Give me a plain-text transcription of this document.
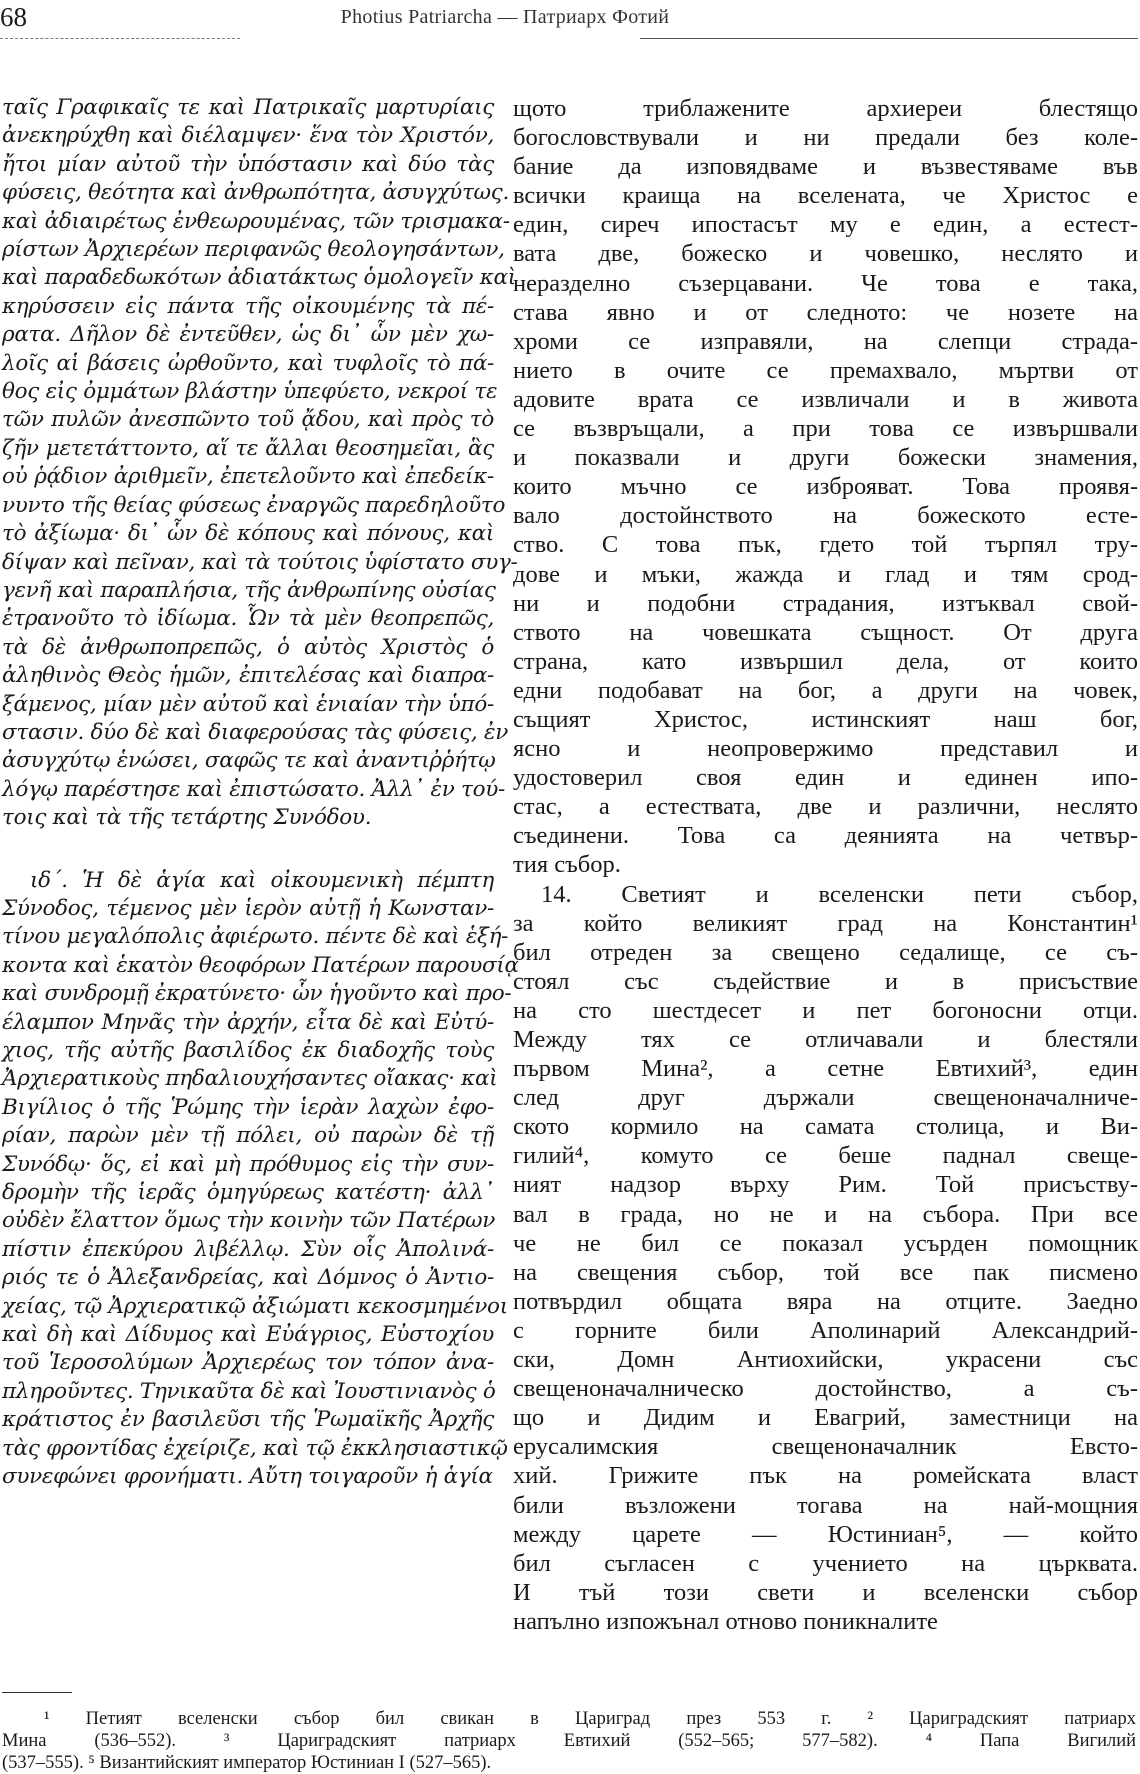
68	Photius Patriarcha — Патриарх Фотий
ταῖς Γραφικαῖς τε καὶ Πατρικαῖς μαρτυρίαις
ἀνεκηρύχθη καὶ διέλαμψεν· ἕνα τὸν Χριστόν,
ἤτοι μίαν αὐτοῦ τὴν ὑπόστασιν καὶ δύο τὰς
φύσεις, θεότητα καὶ ἀνθρωπότητα, ἀσυγχύτως.
καὶ ἀδιαιρέτως ἐνθεωρουμένας, τῶν τρισμακα-
ρίστων Ἀρχιερέων περιφανῶς θεολογησάντων,
καὶ παραδεδωκότων ἀδιατάκτως ὁμολογεῖν καὶ
κηρύσσειν εἰς πάντα τῆς οἰκουμένης τὰ πέ-
ρατα. Δῆλον δὲ ἐντεῦθεν, ὡς δι᾽ ὧν μὲν χω-
λοῖς αἱ βάσεις ὠρθοῦντο, καὶ τυφλοῖς τὸ πά-
θος εἰς ὀμμάτων βλάστην ὑπεφύετο, νεκροί τε
τῶν πυλῶν ἀνεσπῶντο τοῦ ᾄδου, καὶ πρὸς τὸ
ζῆν μετετάττοντο, αἵ τε ἄλλαι θεοσημεῖαι, ἃς
οὐ ῥᾴδιον ἀριθμεῖν, ἐπετελοῦντο καὶ ἐπεδείκ-
νυντο τῆς θείας φύσεως ἐναργῶς παρεδηλοῦτο
τὸ ἀξίωμα· δι᾽ ὧν δὲ κόπους καὶ πόνους, καὶ
δίψαν καὶ πεῖναν, καὶ τὰ τούτοις ὑφίστατο συγ-
γενῆ καὶ παραπλήσια, τῆς ἀνθρωπίνης οὐσίας
ἐτρανοῦτο τὸ ἰδίωμα. Ὧν τὰ μὲν θεοπρεπῶς,
τὰ δὲ ἀνθρωποπρεπῶς, ὁ αὐτὸς Χριστὸς ὁ
ἀληθινὸς Θεὸς ἡμῶν, ἐπιτελέσας καὶ διαπρα-
ξάμενος, μίαν μὲν αὐτοῦ καὶ ἑνιαίαν τὴν ὑπό-
στασιν. δύο δὲ καὶ διαφερούσας τὰς φύσεις, ἐν
ἀσυγχύτῳ ἑνώσει, σαφῶς τε καὶ ἀναντιῤῥήτῳ
λόγῳ παρέστησε καὶ ἐπιστώσατο. Ἀλλ᾽ ἐν τού-
τοις καὶ τὰ τῆς τετάρτης Συνόδου.
ιδ΄. Ἡ δὲ ἁγία καὶ οἰκουμενικὴ πέμπτη
Σύνοδος, τέμενος μὲν ἱερὸν αὐτῇ ἡ Κωνσταν-
τίνου μεγαλόπολις ἀφιέρωτο. πέντε δὲ καὶ ἑξή-
κοντα καὶ ἑκατὸν θεοφόρων Πατέρων παρουσίᾳ
καὶ συνδρομῇ ἐκρατύνετο· ὧν ἡγοῦντο καὶ προ-
έλαμπον Μηνᾶς τὴν ἀρχήν, εἶτα δὲ καὶ Εὐτύ-
χιος, τῆς αὐτῆς βασιλίδος ἐκ διαδοχῆς τοὺς
Ἀρχιερατικοὺς πηδαλιουχήσαντες οἴακας· καὶ
Βιγίλιος ὁ τῆς Ῥώμης τὴν ἱερὰν λαχὼν ἐφο-
ρίαν, παρὼν μὲν τῇ πόλει, οὐ παρὼν δὲ τῇ
Συνόδῳ· ὅς, εἰ καὶ μὴ πρόθυμος εἰς τὴν συν-
δρομὴν τῆς ἱερᾶς ὁμηγύρεως κατέστη· ἀλλ᾽
οὐδὲν ἔλαττον ὅμως τὴν κοινὴν τῶν Πατέρων
πίστιν ἐπεκύρου λιβέλλῳ. Σὺν οἷς Ἀπολινά-
ριός τε ὁ Ἀλεξανδρείας, καὶ Δόμνος ὁ Ἀντιο-
χείας, τῷ Ἀρχιερατικῷ ἀξιώματι κεκοσμημένοι
καὶ δὴ καὶ Δίδυμος καὶ Εὐάγριος, Εὐστοχίου
τοῦ Ἱεροσολύμων Ἀρχιερέως τον τόπον ἀνα-
πληροῦντες. Τηνικαῦτα δὲ καὶ Ἰουστινιανὸς ὁ
κράτιστος ἐν βασιλεῦσι τῆς Ῥωμαϊκῆς Ἀρχῆς
τὰς φροντίδας ἐχείριζε, καὶ τῷ ἐκκλησιαστικῷ
συνεφώνει φρονήματι. Αὔτη τοιγαροῦν ἡ ἁγία
щото триблажените архиереи блестящо
богословствували и ни предали без коле-
бание да изповядваме и възвестяваме във
всички краища на вселената, че Христос е
един, сиреч ипостасът му е един, а естест-
вата две, божеско и човешко, неслято и
неразделно съзерцавани. Че това е така,
става явно и от следното: че нозете на
хроми се изправяли, на слепци страда-
нието в очите се премахвало, мъртви от
адовите врата се извличали и в живота
се възвръщали, а при това се извършвали
и показвали и други божески знамения,
които мъчно се изброяват. Това проявя-
вало достойнството на божеското есте-
ство. С това пък, гдето той търпял тру-
дове и мъки, жажда и глад и тям срод-
ни и подобни страдания, изтъквал свой-
ството на човешката същност. От друга
страна, като извършил дела, от които
едни подобават на бог, а други на човек,
същият Христос, истинският наш бог,
ясно и неопровержимо представил и
удостоверил своя един и единен ипо-
стас, а естествата, две и различни, неслято
съединени. Това са деянията на четвър-
тия събор.
14. Светият и вселенски пети събор,
за който великият град на Константин¹
бил отреден за свещено седалище, се съ-
стоял със съдействие и в присъствие
на сто шестдесет и пет богоносни отци.
Между тях се отличавали и блестяли
първом Мина², а сетне Евтихий³, един
след друг държали свещеноначалниче-
ското кормило на самата столица, и Ви-
гилий⁴, комуто се беше паднал свеще-
ният надзор върху Рим. Той присъству-
вал в града, но не и на събора. При все
че не бил се показал усърден помощник
на свещения събор, той все пак писмено
потвърдил общата вяра на отците. Заедно
с горните били Аполинарий Александрий-
ски, Домн Антиохийски, украсени със
свещеноначалническо достойнство, а съ-
що и Дидим и Евагрий, заместници на
ерусалимския свещеноначалник Евсто-
хий. Грижите пък на ромейската власт
били възложени тогава на най-мощния
между царете — Юстиниан⁵, — който
бил съгласен с учението на църквата.
И тъй този свети и вселенски събор
напълно изпожънал отново поникналите
¹ Петият вселенски събор бил свикан в Цариград през 553 г. ² Цариградският патриарх
Мина (536–552). ³ Цариградският патриарх Евтихий (552–565; 577–582). ⁴ Папа Вигилий
(537–555). ⁵ Византийският император Юстиниан I (527–565).
